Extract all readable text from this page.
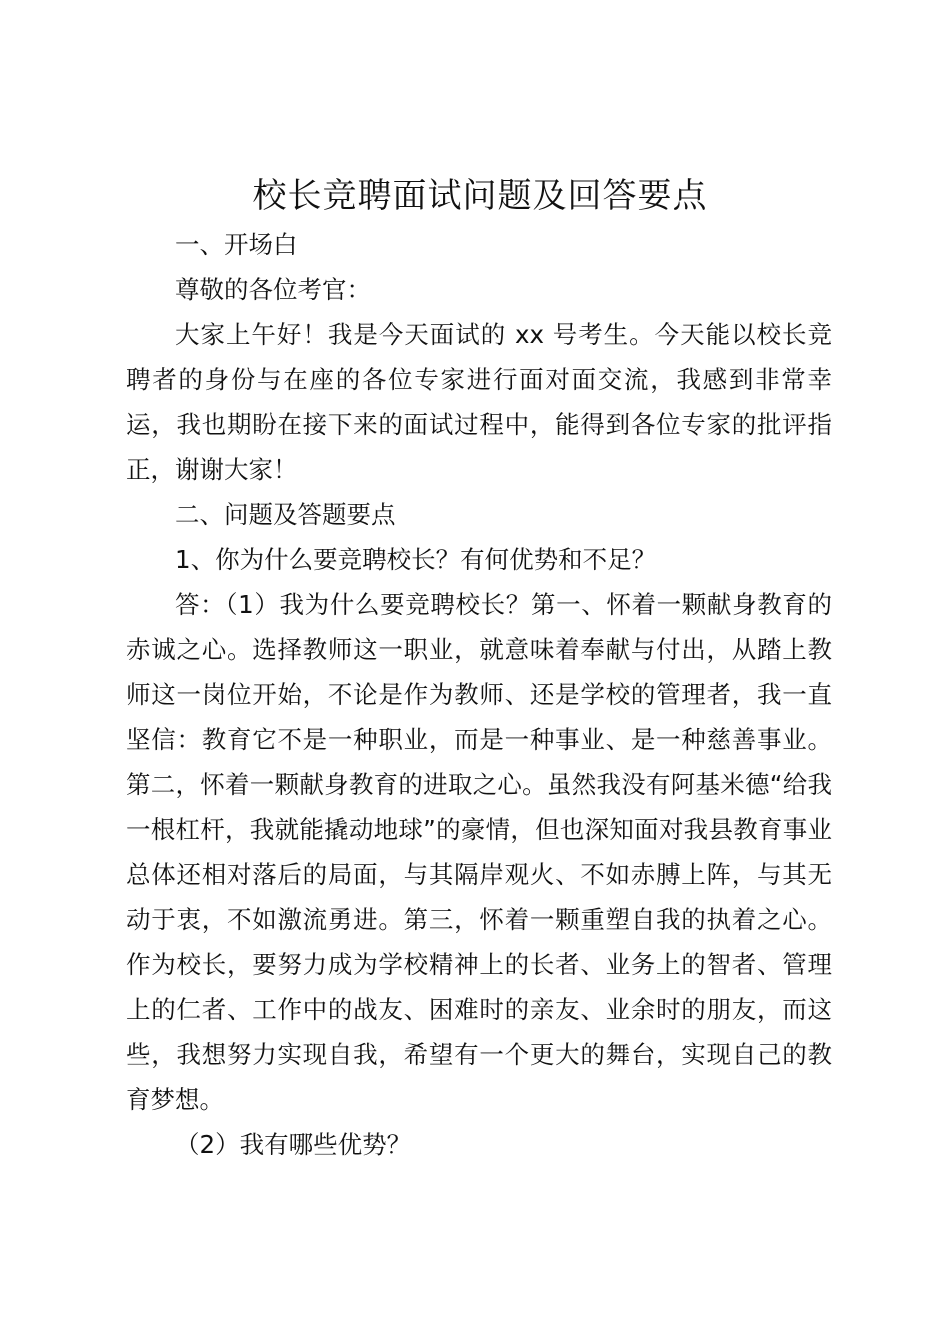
校长竞聘面试问题及回答要点

一、开场白

尊敬的各位考官：

大家上午好！我是今天面试的 xx 号考生。今天能以校长竞聘者的身份与在座的各位专家进行面对面交流，我感到非常幸运，我也期盼在接下来的面试过程中，能得到各位专家的批评指正，谢谢大家！

二、问题及答题要点

1、你为什么要竞聘校长？有何优势和不足？

答：（1）我为什么要竞聘校长？第一、怀着一颗献身教育的赤诚之心。选择教师这一职业，就意味着奉献与付出，从踏上教师这一岗位开始，不论是作为教师、还是学校的管理者，我一直坚信：教育它不是一种职业，而是一种事业、是一种慈善事业。第二，怀着一颗献身教育的进取之心。虽然我没有阿基米德“给我一根杠杆，我就能撬动地球”的豪情，但也深知面对我县教育事业总体还相对落后的局面，与其隔岸观火、不如赤膊上阵，与其无动于衷，不如激流勇进。第三，怀着一颗重塑自我的执着之心。作为校长，要努力成为学校精神上的长者、业务上的智者、管理上的仁者、工作中的战友、困难时的亲友、业余时的朋友，而这些，我想努力实现自我，希望有一个更大的舞台，实现自己的教育梦想。

（2）我有哪些优势？
